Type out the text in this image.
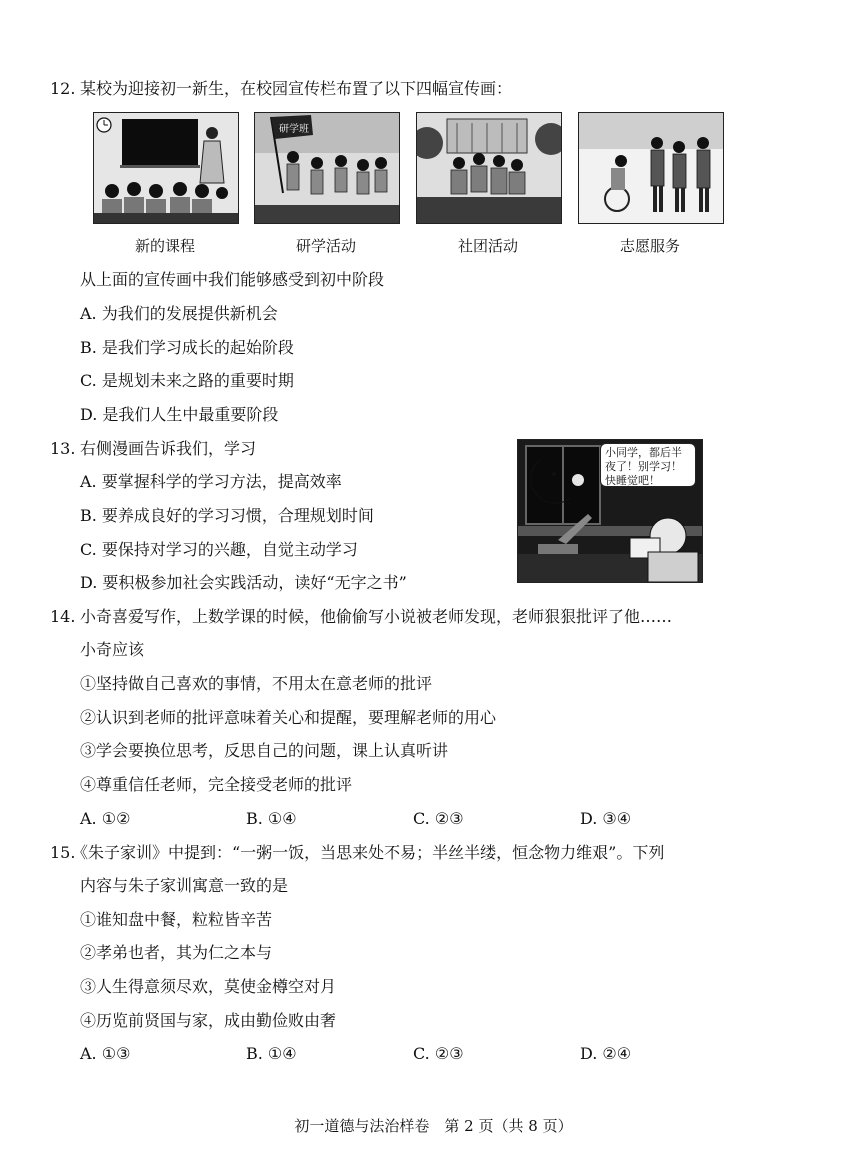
12. 某校为迎接初一新生，在校园宣传栏布置了以下四幅宣传画：
研学班
新的课程	研学活动	社团活动	志愿服务
从上面的宣传画中我们能够感受到初中阶段
A. 为我们的发展提供新机会
B. 是我们学习成长的起始阶段
C. 是规划未来之路的重要时期
D. 是我们人生中最重要阶段
13. 右侧漫画告诉我们，学习
A. 要掌握科学的学习方法，提高效率
B. 要养成良好的学习习惯，合理规划时间
C. 要保持对学习的兴趣，自觉主动学习
D. 要积极参加社会实践活动，读好“无字之书”
小同学，都后半夜了！别学习！快睡觉吧！
14. 小奇喜爱写作，上数学课的时候，他偷偷写小说被老师发现，老师狠狠批评了他……
小奇应该
①坚持做自己喜欢的事情，不用太在意老师的批评
②认识到老师的批评意味着关心和提醒，要理解老师的用心
③学会要换位思考，反思自己的问题，课上认真听讲
④尊重信任老师，完全接受老师的批评
A. ①②	B. ①④	C. ②③	D. ③④
15.
《朱子家训》中提到：“一粥一饭，当思来处不易；半丝半缕，恒念物力维艰”。下列
内容与朱子家训寓意一致的是
①谁知盘中餐，粒粒皆辛苦
②孝弟也者，其为仁之本与
③人生得意须尽欢，莫使金樽空对月
④历览前贤国与家，成由勤俭败由奢
A. ①③	B. ①④	C. ②③	D. ②④
初一道德与法治样卷　第 2 页（共 8 页）
